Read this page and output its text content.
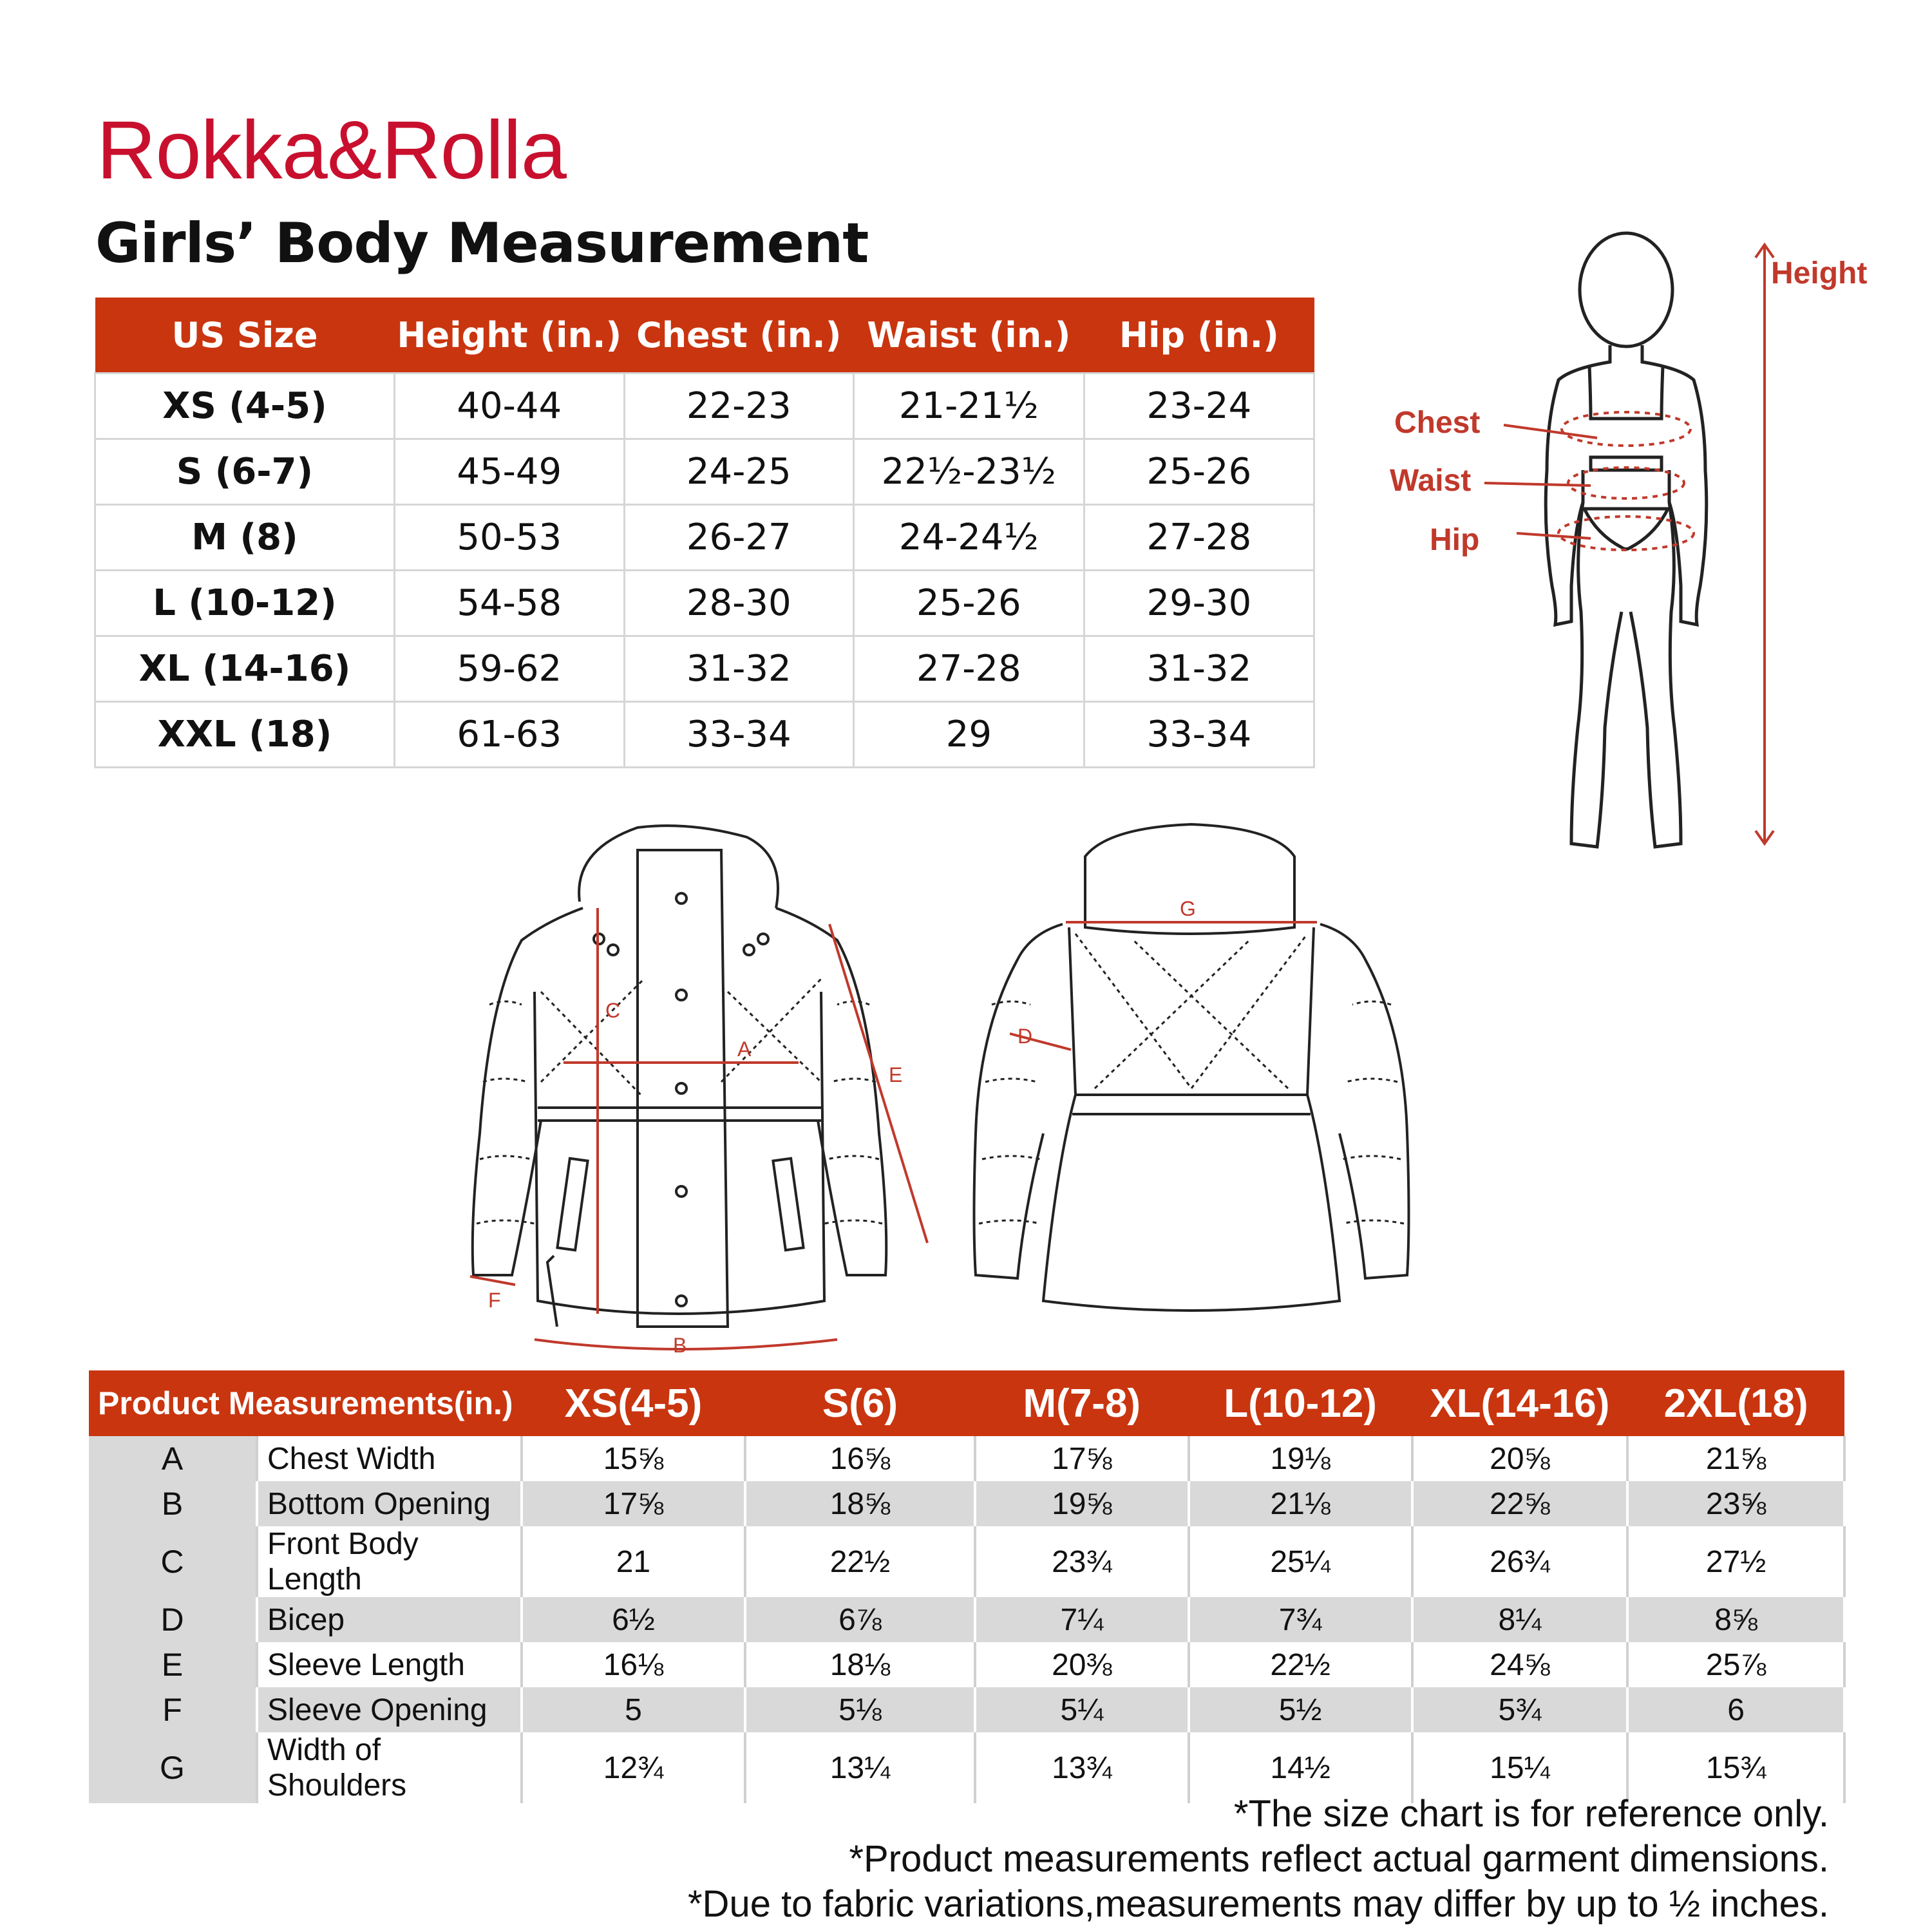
Rokka&Rolla
Girls’ Body Measurement
US Size	Height (in.)	Chest (in.)	Waist (in.)	Hip (in.)
XS (4-5)	40-44	22-23	21-21½	23-24
S (6-7)	45-49	24-25	22½-23½	25-26
M (8)	50-53	26-27	24-24½	27-28
L (10-12)	54-58	28-30	25-26	29-30
XL (14-16)	59-62	31-32	27-28	31-32
XXL (18)	61-63	33-34	29	33-34
Height
Chest
Waist
Hip
A
B
C
D
E
F
G
Product Measurements(in.)		XS(4-5)	S(6)	M(7-8)	L(10-12)	XL(14-16)	2XL(18)
A	Chest Width	15⅝	16⅝	17⅝	19⅛	20⅝	21⅝
B	Bottom Opening	17⅝	18⅝	19⅝	21⅛	22⅝	23⅝
C	Front Body Length	21	22½	23¾	25¼	26¾	27½
D	Bicep	6½	6⅞	7¼	7¾	8¼	8⅝
E	Sleeve Length	16⅛	18⅛	20⅜	22½	24⅝	25⅞
F	Sleeve Opening	5	5⅛	5¼	5½	5¾	6
G	Width of Shoulders	12¾	13¼	13¾	14½	15¼	15¾
*The size chart is for reference only.
*Product measurements reflect actual garment dimensions.
*Due to fabric variations,measurements may differ by up to ½ inches.
